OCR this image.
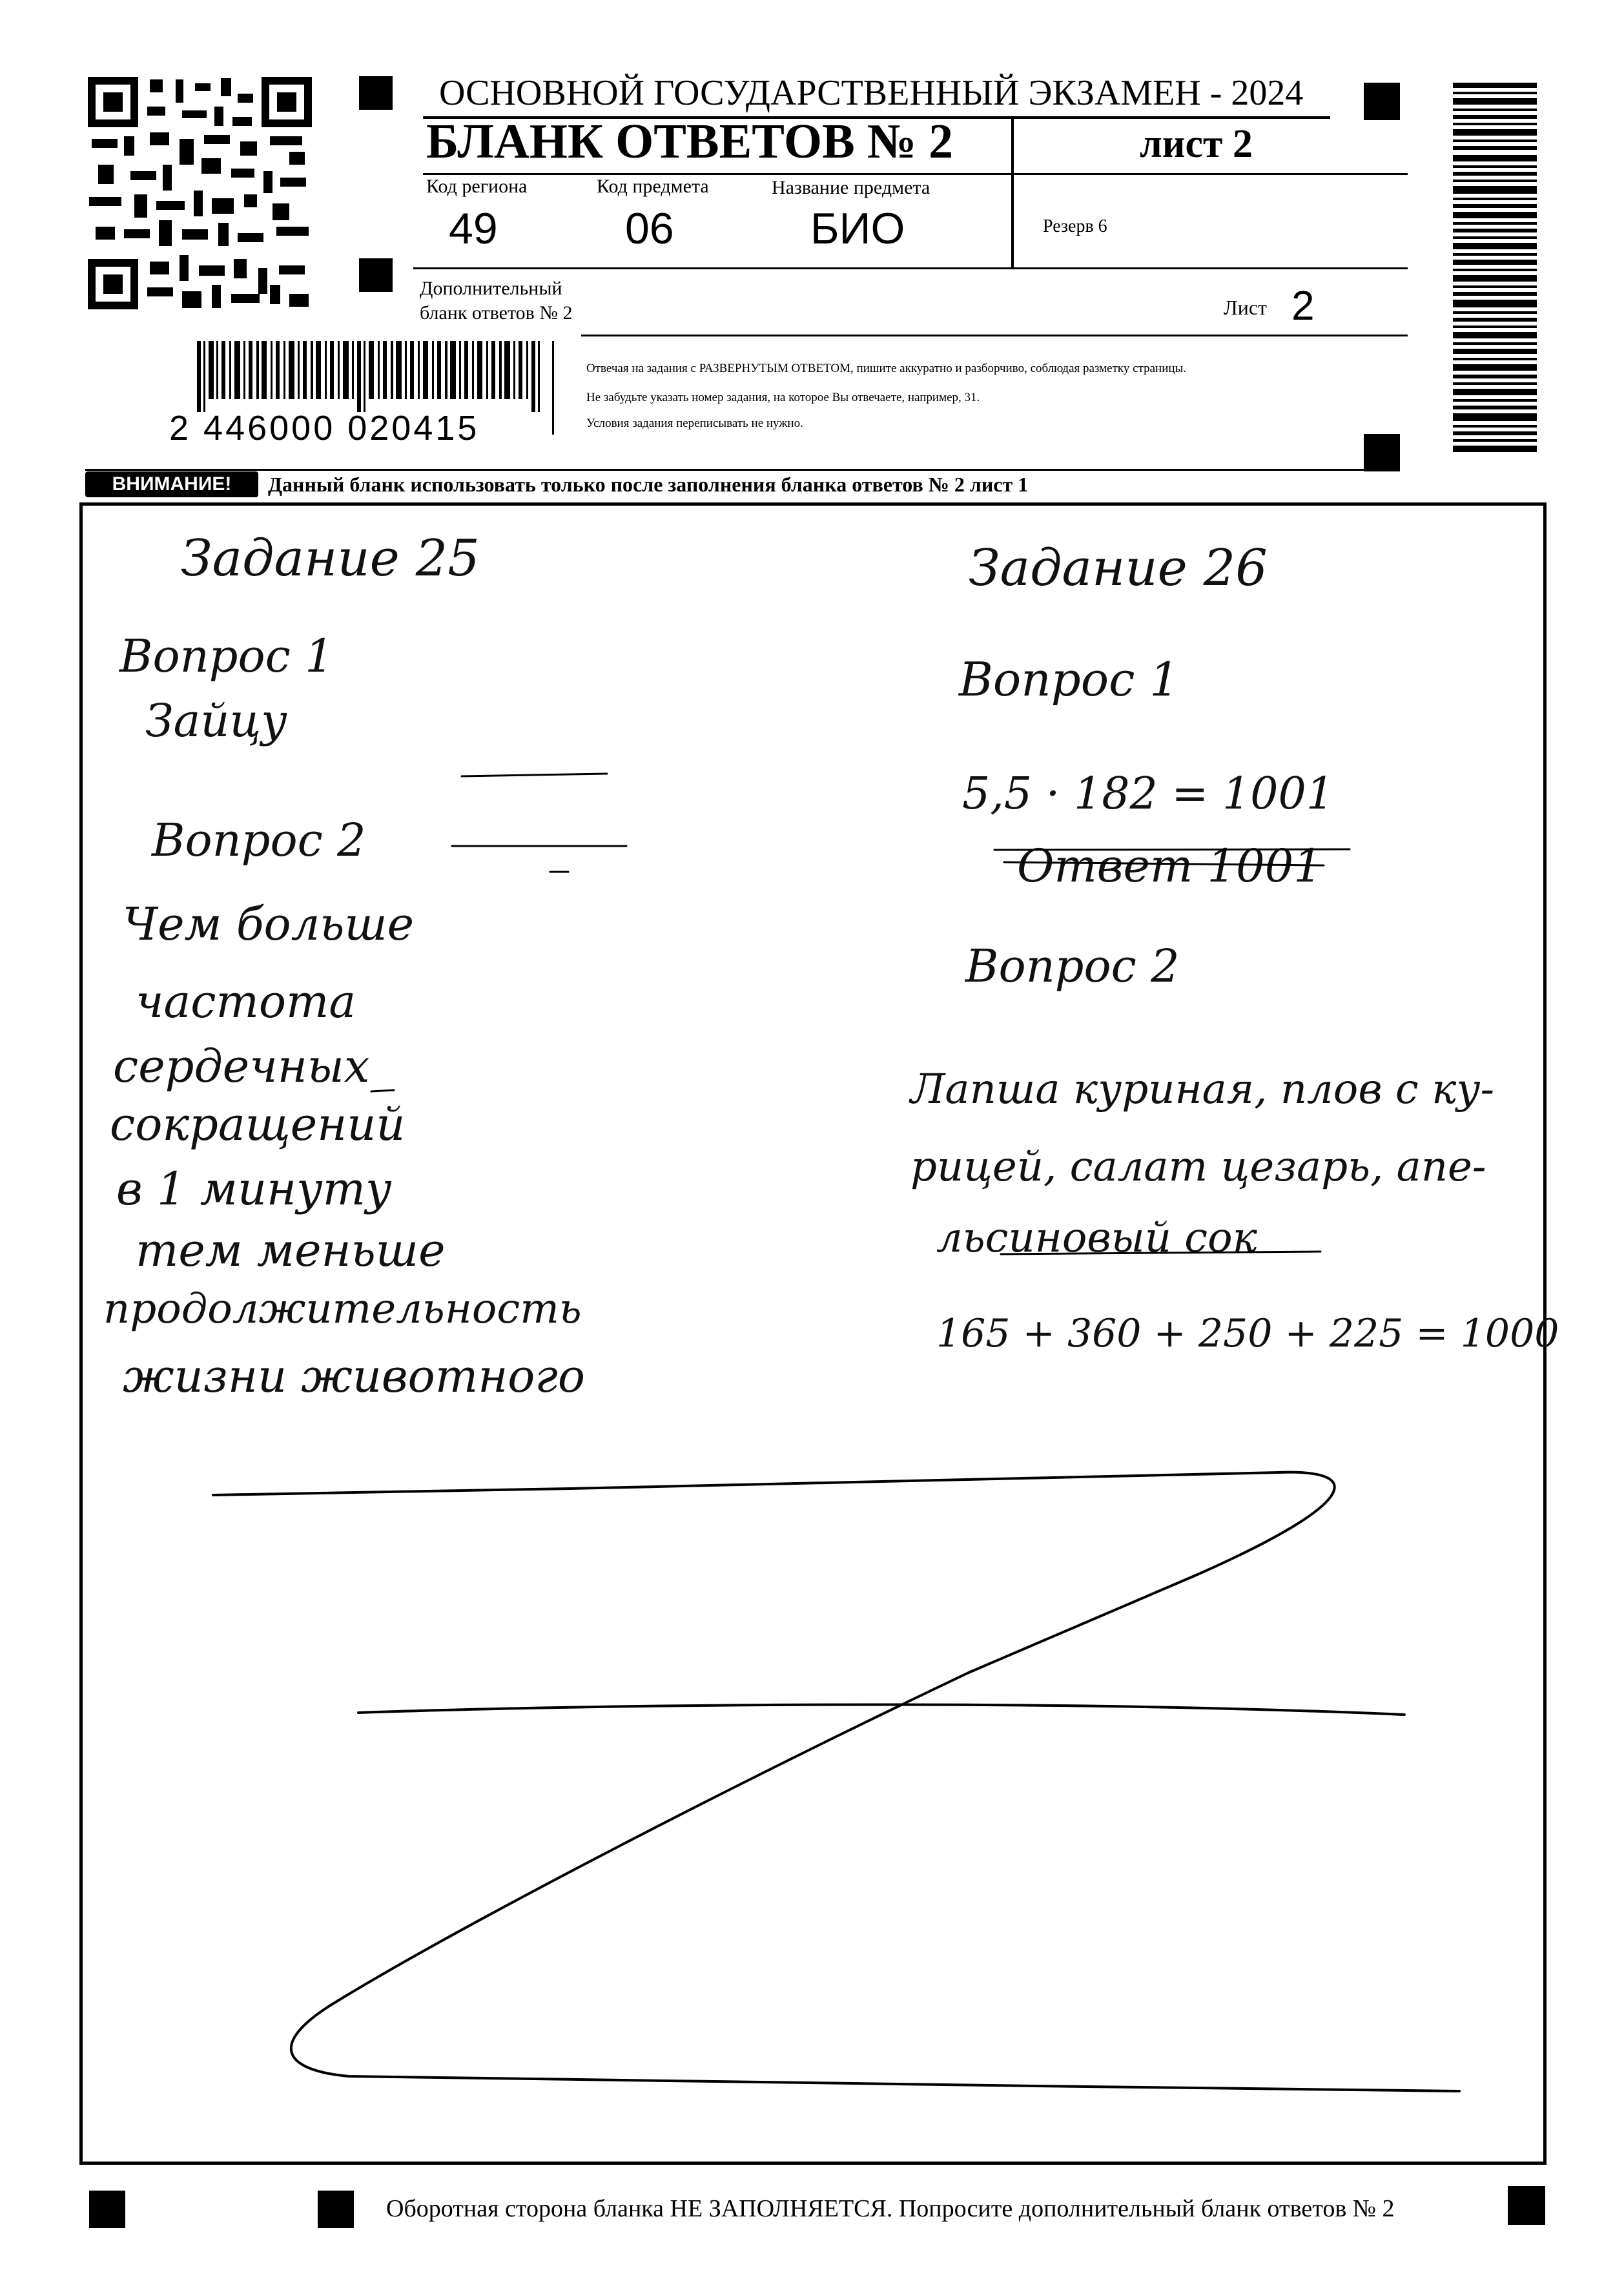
ОСНОВНОЙ ГОСУДАРСТВЕННЫЙ ЭКЗАМЕН - 2024
БЛАНК ОТВЕТОВ № 2	лист 2
Код региона
49
Код предмета
06
Название предмета
БИО	Резерв 6
Дополнительный
бланк ответов № 2	Лист 2
2 446000 020415
Отвечая на задания с РАЗВЕРНУТЫМ ОТВЕТОМ, пишите аккуратно и разборчиво, соблюдая разметку страницы.
Не забудьте указать номер задания, на которое Вы отвечаете, например, 31.
Условия задания переписывать не нужно.
ВНИМАНИЕ!	Данный бланк использовать только после заполнения бланка ответов № 2 лист 1
Задание 25
Вопрос 1
Зайцу
Вопрос 2
Чем больше
частота
сердечных
сокращений
в 1 минуту
тем меньше
продолжительность
жизни животного
Задание 26
Вопрос 1
5,5 · 182 = 1001
Ответ 1001
Вопрос 2
Лапша куриная, плов с ку-
рицей, салат цезарь, апе-
льсиновый сок
165 + 360 + 250 + 225 = 1000
Оборотная сторона бланка НЕ ЗАПОЛНЯЕТСЯ. Попросите дополнительный бланк ответов № 2
